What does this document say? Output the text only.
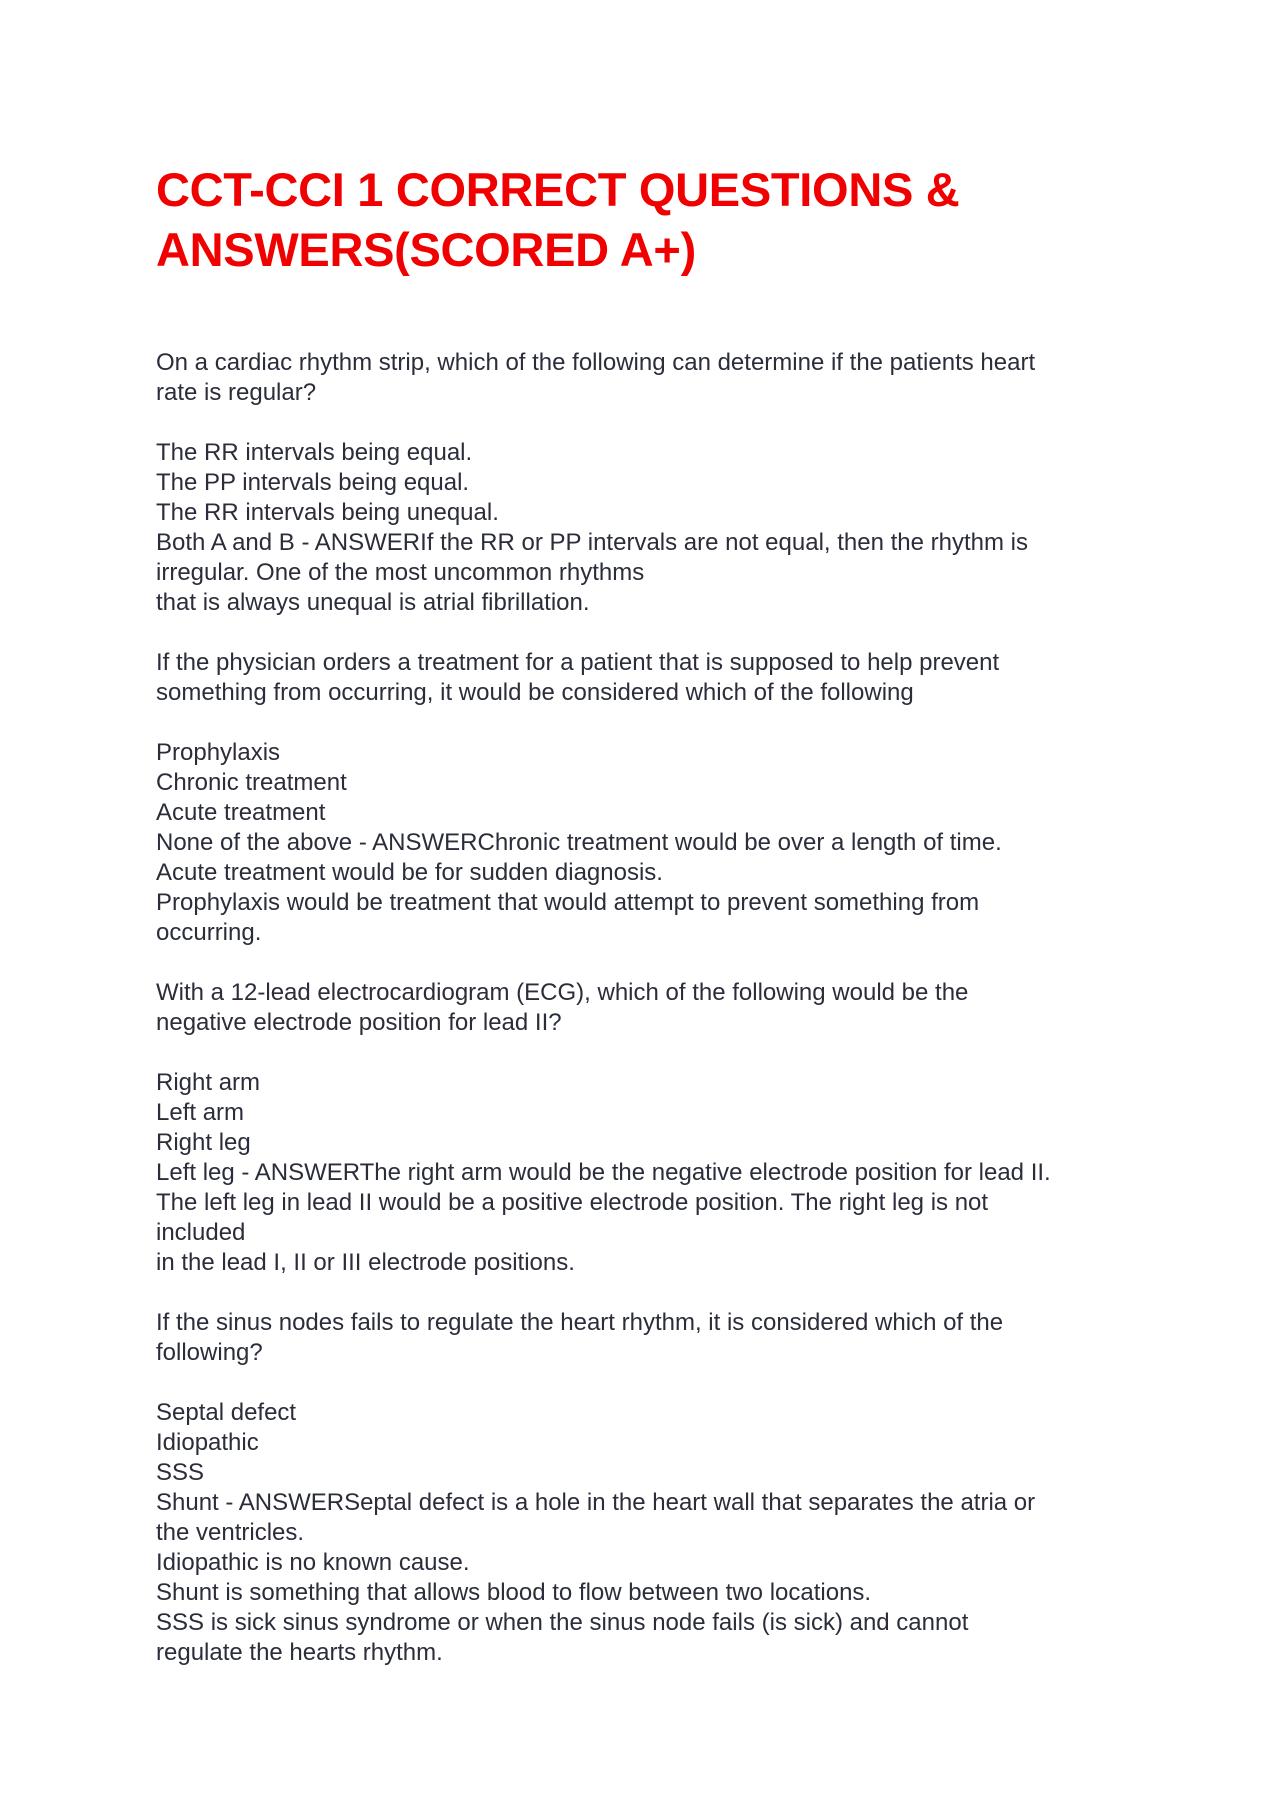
CCT-CCI 1 CORRECT QUESTIONS &
ANSWERS(SCORED A+)
On a cardiac rhythm strip, which of the following can determine if the patients heart
rate is regular?
The RR intervals being equal.
The PP intervals being equal.
The RR intervals being unequal.
Both A and B - ANSWERIf the RR or PP intervals are not equal, then the rhythm is
irregular. One of the most uncommon rhythms
that is always unequal is atrial fibrillation.
If the physician orders a treatment for a patient that is supposed to help prevent
something from occurring, it would be considered which of the following
Prophylaxis
Chronic treatment
Acute treatment
None of the above - ANSWERChronic treatment would be over a length of time.
Acute treatment would be for sudden diagnosis.
Prophylaxis would be treatment that would attempt to prevent something from
occurring.
With a 12-lead electrocardiogram (ECG), which of the following would be the
negative electrode position for lead II?
Right arm
Left arm
Right leg
Left leg - ANSWERThe right arm would be the negative electrode position for lead II.
The left leg in lead II would be a positive electrode position. The right leg is not
included
in the lead I, II or III electrode positions.
If the sinus nodes fails to regulate the heart rhythm, it is considered which of the
following?
Septal defect
Idiopathic
SSS
Shunt - ANSWERSeptal defect is a hole in the heart wall that separates the atria or
the ventricles.
Idiopathic is no known cause.
Shunt is something that allows blood to flow between two locations.
SSS is sick sinus syndrome or when the sinus node fails (is sick) and cannot
regulate the hearts rhythm.
